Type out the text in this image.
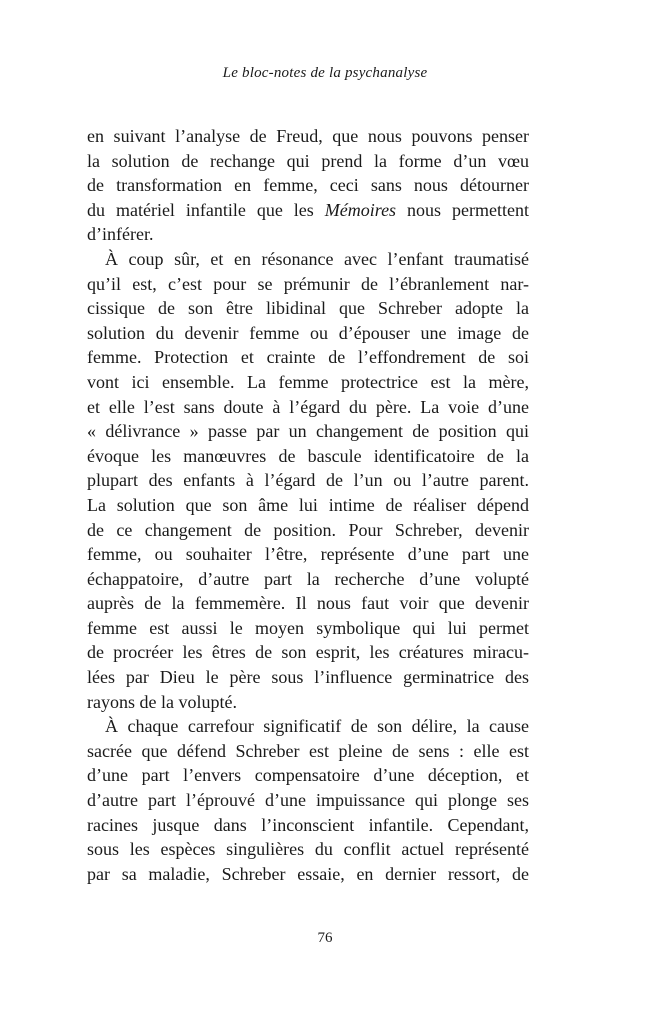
Le bloc-notes de la psychanalyse
en suivant l’analyse de Freud, que nous pouvons penser
la solution de rechange qui prend la forme d’un vœu
de transformation en femme, ceci sans nous détourner
du matériel infantile que les Mémoires nous permettent
d’inférer.
À coup sûr, et en résonance avec l’enfant traumatisé
qu’il est, c’est pour se prémunir de l’ébranlement nar-
cissique de son être libidinal que Schreber adopte la
solution du devenir femme ou d’épouser une image de
femme. Protection et crainte de l’effondrement de soi
vont ici ensemble. La femme protectrice est la mère,
et elle l’est sans doute à l’égard du père. La voie d’une
« délivrance » passe par un changement de position qui
évoque les manœuvres de bascule identificatoire de la
plupart des enfants à l’égard de l’un ou l’autre parent.
La solution que son âme lui intime de réaliser dépend
de ce changement de position. Pour Schreber, devenir
femme, ou souhaiter l’être, représente d’une part une
échappatoire, d’autre part la recherche d’une volupté
auprès de la femmemère. Il nous faut voir que devenir
femme est aussi le moyen symbolique qui lui permet
de procréer les êtres de son esprit, les créatures miracu-
lées par Dieu le père sous l’influence germinatrice des
rayons de la volupté.
À chaque carrefour significatif de son délire, la cause
sacrée que défend Schreber est pleine de sens : elle est
d’une part l’envers compensatoire d’une déception, et
d’autre part l’éprouvé d’une impuissance qui plonge ses
racines jusque dans l’inconscient infantile. Cependant,
sous les espèces singulières du conflit actuel représenté
par sa maladie, Schreber essaie, en dernier ressort, de
76
